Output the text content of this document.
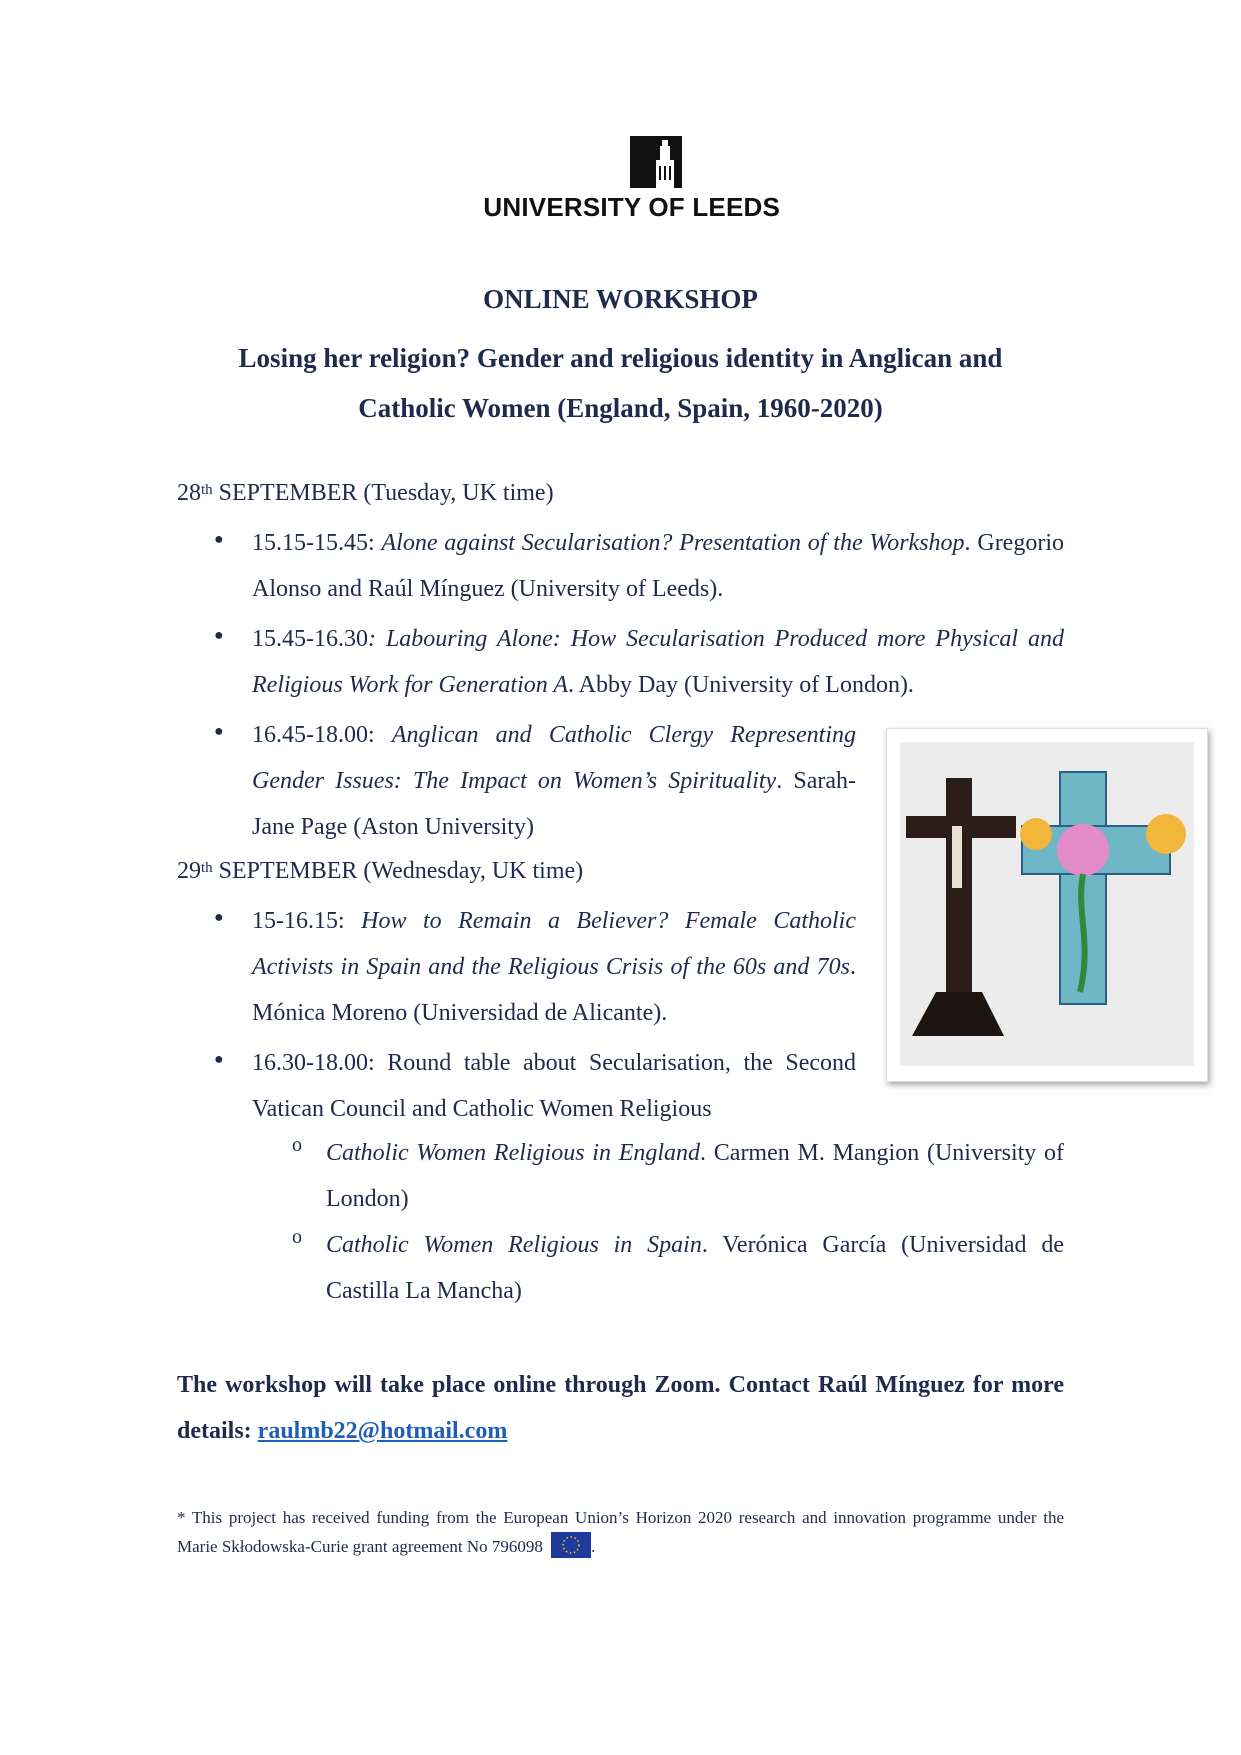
UNIVERSITY OF LEEDS
ONLINE WORKSHOP
Losing her religion? Gender and religious identity in Anglican and
Catholic Women (England, Spain, 1960-2020)
28th SEPTEMBER (Tuesday, UK time)
● 15.15-15.45: Alone against Secularisation? Presentation of the Workshop. Gregorio Alonso and Raúl Mínguez (University of Leeds).
● 15.45-16.30: Labouring Alone: How Secularisation Produced more Physical and Religious Work for Generation A. Abby Day (University of London).
● 16.45-18.00: Anglican and Catholic Clergy Representing Gender Issues: The Impact on Women’s Spirituality. Sarah-Jane Page (Aston University)
29th SEPTEMBER (Wednesday, UK time)
● 15-16.15: How to Remain a Believer? Female Catholic Activists in Spain and the Religious Crisis of the 60s and 70s. Mónica Moreno (Universidad de Alicante).
● 16.30-18.00: Round table about Secularisation, the Second Vatican Council and Catholic Women Religious
o Catholic Women Religious in England. Carmen M. Mangion (University of London)
o Catholic Women Religious in Spain. Verónica García (Universidad de Castilla La Mancha)
The workshop will take place online through Zoom. Contact Raúl Mínguez for more details: raulmb22@hotmail.com
* This project has received funding from the European Union’s Horizon 2020 research and innovation programme under the Marie Skłodowska-Curie grant agreement No 796098	.
